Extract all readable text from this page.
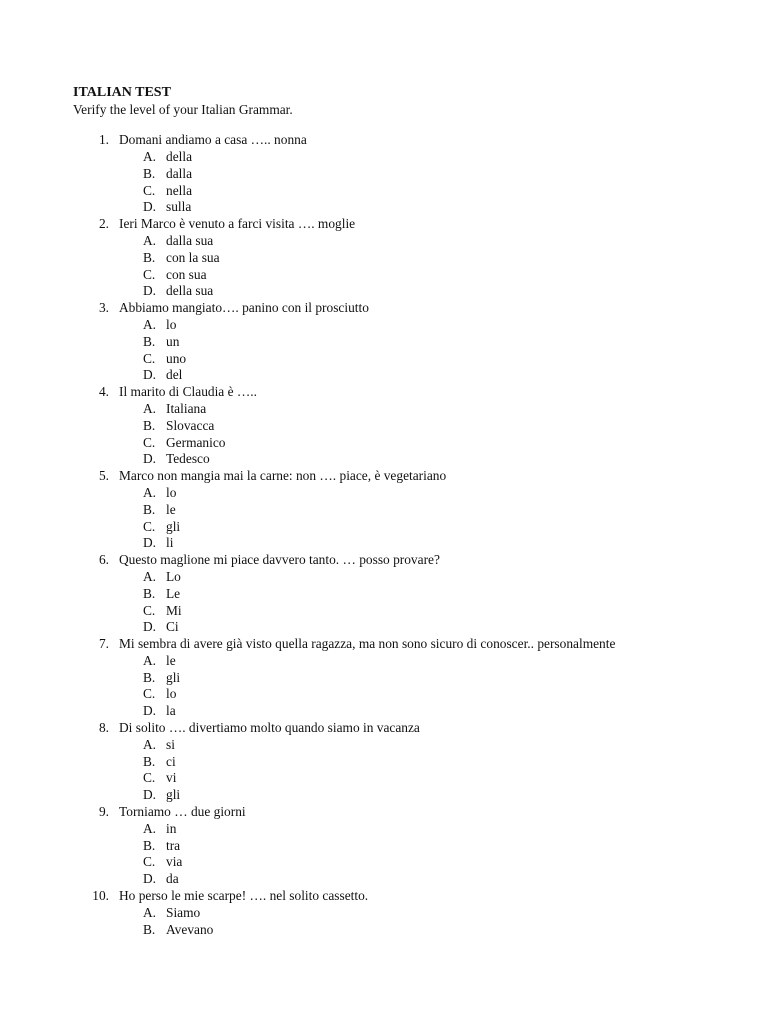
ITALIAN TEST

Verify the level of your Italian Grammar.

1. Domani andiamo a casa ….. nonna
A. della
B. dalla
C. nella
D. sulla
2. Ieri Marco è venuto a farci visita …. moglie
A. dalla sua
B. con la sua
C. con sua
D. della sua
3. Abbiamo mangiato…. panino con il prosciutto
A. lo
B. un
C. uno
D. del
4. Il marito di Claudia è …..
A. Italiana
B. Slovacca
C. Germanico
D. Tedesco
5. Marco non mangia mai la carne: non …. piace, è vegetariano
A. lo
B. le
C. gli
D. li
6. Questo maglione mi piace davvero tanto. … posso provare?
A. Lo
B. Le
C. Mi
D. Ci
7. Mi sembra di avere già visto quella ragazza, ma non sono sicuro di conoscer.. personalmente
A. le
B. gli
C. lo
D. la
8. Di solito …. divertiamo molto quando siamo in vacanza
A. si
B. ci
C. vi
D. gli
9. Torniamo … due giorni
A. in
B. tra
C. via
D. da
10. Ho perso le mie scarpe! …. nel solito cassetto.
A. Siamo
B. Avevano
